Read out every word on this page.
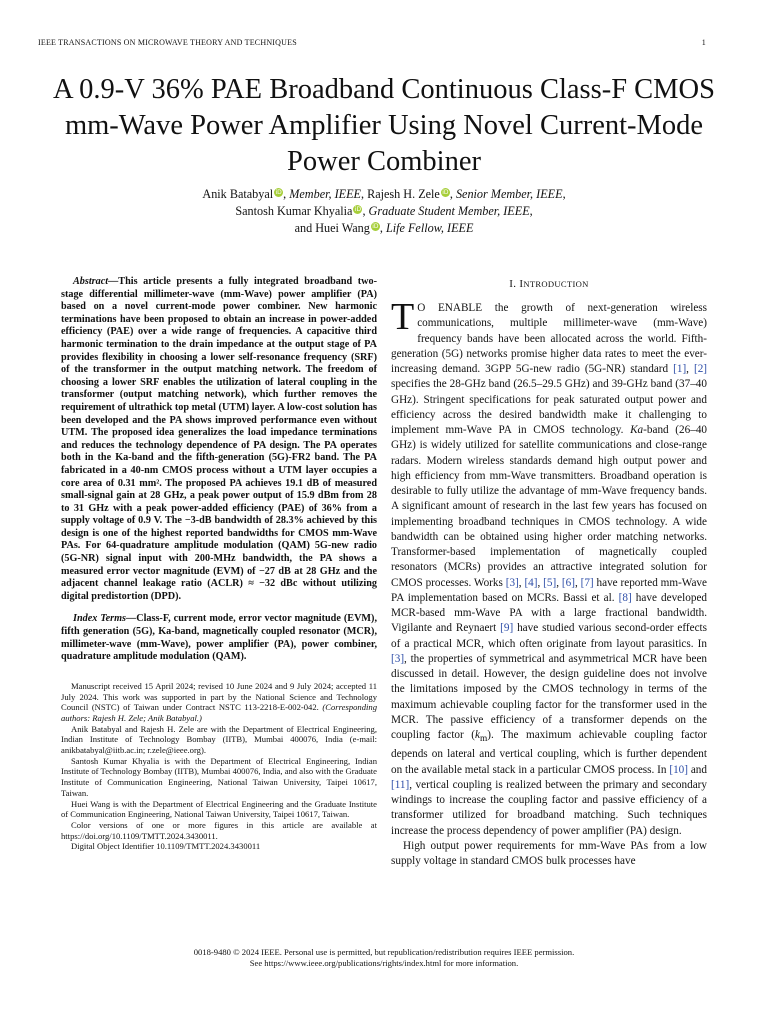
IEEE TRANSACTIONS ON MICROWAVE THEORY AND TECHNIQUES	1
A 0.9-V 36% PAE Broadband Continuous Class-F CMOS mm-Wave Power Amplifier Using Novel Current-Mode Power Combiner
Anik Batabyal iD, Member, IEEE, Rajesh H. Zele iD, Senior Member, IEEE,
Santosh Kumar Khyalia iD, Graduate Student Member, IEEE,
and Huei Wang iD, Life Fellow, IEEE

Abstract—This article presents a fully integrated broadband two-stage differential millimeter-wave (mm-Wave) power amplifier (PA) based on a novel current-mode power combiner. New harmonic terminations have been proposed to obtain an increase in power-added efficiency (PAE) over a wide range of frequencies. A capacitive third harmonic termination to the drain impedance at the output stage of PA provides flexibility in choosing a lower self-resonance frequency (SRF) of the transformer in the output matching network. The freedom of choosing a lower SRF enables the utilization of lateral coupling in the transformer (output matching network), which further removes the requirement of ultrathick top metal (UTM) layer. A low-cost solution has been developed and the PA shows improved performance even without UTM. The proposed idea generalizes the load impedance terminations and reduces the technology dependence of PA design. The PA operates both in the Ka-band and the fifth-generation (5G)-FR2 band. The PA fabricated in a 40-nm CMOS process without a UTM layer occupies a core area of 0.31 mm². The proposed PA achieves 19.1 dB of measured small-signal gain at 28 GHz, a peak power output of 15.9 dBm from 28 to 31 GHz with a peak power-added efficiency (PAE) of 36% from a supply voltage of 0.9 V. The −3-dB bandwidth of 28.3% achieved by this design is one of the highest reported bandwidths for CMOS mm-Wave PAs. For 64-quadrature amplitude modulation (QAM) 5G-new radio (5G-NR) signal input with 200-MHz bandwidth, the PA shows a measured error vector magnitude (EVM) of −27 dB at 28 GHz and the adjacent channel leakage ratio (ACLR) ≈ −32 dBc without utilizing digital predistortion (DPD).

Index Terms—Class-F, current mode, error vector magnitude (EVM), fifth generation (5G), Ka-band, magnetically coupled resonator (MCR), millimeter-wave (mm-Wave), power amplifier (PA), power combiner, quadrature amplitude modulation (QAM).

Manuscript received 15 April 2024; revised 10 June 2024 and 9 July 2024; accepted 11 July 2024. This work was supported in part by the National Science and Technology Council (NSTC) of Taiwan under Contract NSTC 113-2218-E-002-042. (Corresponding authors: Rajesh H. Zele; Anik Batabyal.)

Anik Batabyal and Rajesh H. Zele are with the Department of Electrical Engineering, Indian Institute of Technology Bombay (IITB), Mumbai 400076, India (e-mail: anikbatabyal@iitb.ac.in; r.zele@ieee.org).

Santosh Kumar Khyalia is with the Department of Electrical Engineering, Indian Institute of Technology Bombay (IITB), Mumbai 400076, India, and also with the Graduate Institute of Communication Engineering, National Taiwan University, Taipei 10617, Taiwan.

Huei Wang is with the Department of Electrical Engineering and the Graduate Institute of Communication Engineering, National Taiwan University, Taipei 10617, Taiwan.

Color versions of one or more figures in this article are available at https://doi.org/10.1109/TMTT.2024.3430011.

Digital Object Identifier 10.1109/TMTT.2024.3430011

I. INTRODUCTION

T O ENABLE the growth of next-generation wireless communications, multiple millimeter-wave (mm-Wave) frequency bands have been allocated across the world. Fifth-generation (5G) networks promise higher data rates to meet the ever-increasing demand. 3GPP 5G-new radio (5G-NR) standard [1], [2] specifies the 28-GHz band (26.5–29.5 GHz) and 39-GHz band (37–40 GHz). Stringent specifications for peak saturated output power and efficiency across the desired bandwidth make it challenging to implement mm-Wave PA in CMOS technology. Ka-band (26–40 GHz) is widely utilized for satellite communications and close-range radars. Modern wireless standards demand high output power and high efficiency from mm-Wave transmitters. Broadband operation is desirable to fully utilize the advantage of mm-Wave frequency bands. A significant amount of research in the last few years has focused on implementing broadband techniques in CMOS technology. A wide bandwidth can be obtained using higher order matching networks. Transformer-based implementation of magnetically coupled resonators (MCRs) provides an attractive integrated solution for CMOS processes. Works [3], [4], [5], [6], [7] have reported mm-Wave PA implementation based on MCRs. Bassi et al. [8] have developed MCR-based mm-Wave PA with a large fractional bandwidth. Vigilante and Reynaert [9] have studied various second-order effects of a practical MCR, which often originate from layout parasitics. In [3], the properties of symmetrical and asymmetrical MCR have been discussed in detail. However, the design guideline does not involve the limitations imposed by the CMOS technology in terms of the maximum achievable coupling factor for the transformer used in the MCR. The passive efficiency of a transformer depends on the coupling factor $(k_m)$. The maximum achievable coupling factor depends on lateral and vertical coupling, which is further dependent on the available metal stack in a particular CMOS process. In [10] and [11], vertical coupling is realized between the primary and secondary windings to increase the coupling factor and passive efficiency of a transformer utilized for broadband matching. Such techniques increase the process dependency of power amplifier (PA) design.

High output power requirements for mm-Wave PAs from a low supply voltage in standard CMOS bulk processes have

0018-9480 © 2024 IEEE. Personal use is permitted, but republication/redistribution requires IEEE permission.
See https://www.ieee.org/publications/rights/index.html for more information.
